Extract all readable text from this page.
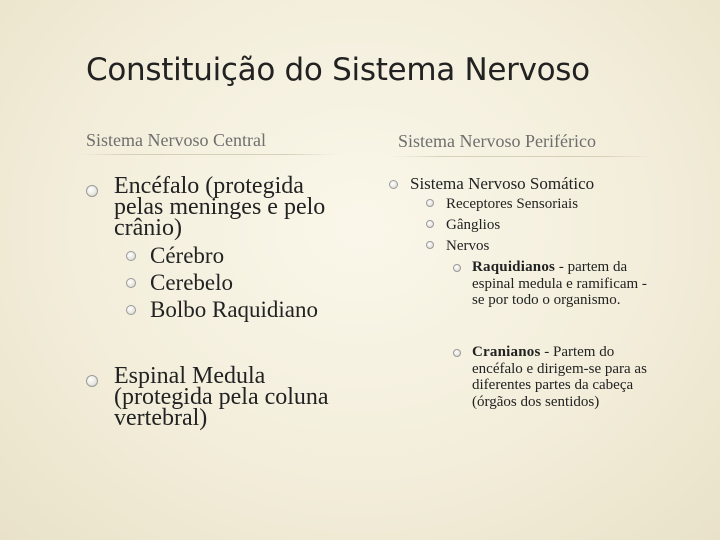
Constituição do Sistema Nervoso
Sistema Nervoso Central	Sistema Nervoso Periférico
Encéfalo (protegida pelas meninges e pelo crânio)
Cérebro
Cerebelo
Bolbo Raquidiano
Espinal Medula (protegida pela coluna vertebral)
Sistema Nervoso Somático
Receptores Sensoriais
Gânglios
Nervos
Raquidianos - partem da espinal medula e ramificam -se por todo o organismo.
Cranianos - Partem do encéfalo e dirigem-se para as diferentes partes da cabeça (órgãos dos sentidos)
